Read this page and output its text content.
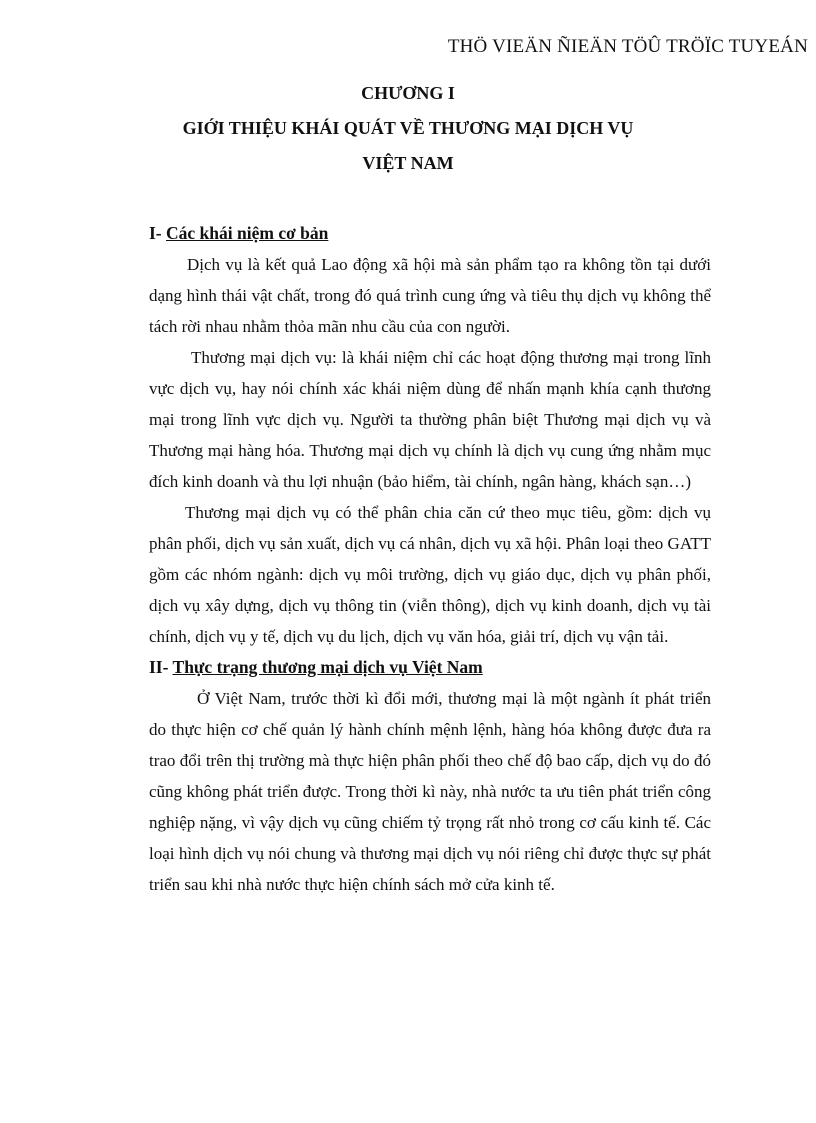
THÖ VIEÄN ÑIEÄN TÖÛ TRÖÏC TUYEÁN

CHƯƠNG I

GIỚI THIỆU KHÁI QUÁT VỀ THƯƠNG MẠI DỊCH VỤ

VIỆT NAM

I- Các khái niệm cơ bản

Dịch vụ là kết quả Lao động xã hội mà sản phẩm tạo ra không tồn tại dưới dạng hình thái vật chất, trong đó quá trình cung ứng và tiêu thụ dịch vụ không thể tách rời nhau nhằm thỏa mãn nhu cầu của con người.

Thương mại dịch vụ: là khái niệm chỉ các hoạt động thương mại trong lĩnh vực dịch vụ, hay nói chính xác khái niệm dùng để nhấn mạnh khía cạnh thương mại trong lĩnh vực dịch vụ. Người ta thường phân biệt Thương mại dịch vụ và Thương mại hàng hóa. Thương mại dịch vụ chính là dịch vụ cung ứng nhằm mục đích kinh doanh và thu lợi nhuận (bảo hiểm, tài chính, ngân hàng, khách sạn…)

Thương mại dịch vụ có thể phân chia căn cứ theo mục tiêu, gồm: dịch vụ phân phối, dịch vụ sản xuất, dịch vụ cá nhân, dịch vụ xã hội. Phân loại theo GATT gồm các nhóm ngành: dịch vụ môi trường, dịch vụ giáo dục, dịch vụ phân phối, dịch vụ xây dựng, dịch vụ thông tin (viễn thông), dịch vụ kinh doanh, dịch vụ tài chính, dịch vụ y tế, dịch vụ du lịch, dịch vụ văn hóa, giải trí, dịch vụ vận tải.

II- Thực trạng thương mại dịch vụ Việt Nam

Ở Việt Nam, trước thời kì đổi mới, thương mại là một ngành ít phát triển do thực hiện cơ chế quản lý hành chính mệnh lệnh, hàng hóa không được đưa ra trao đổi trên thị trường mà thực hiện phân phối theo chế độ bao cấp, dịch vụ do đó cũng không phát triển được. Trong thời kì này, nhà nước ta ưu tiên phát triển công nghiệp nặng, vì vậy dịch vụ cũng chiếm tỷ trọng rất nhỏ trong cơ cấu kinh tế. Các loại hình dịch vụ nói chung và thương mại dịch vụ nói riêng chỉ được thực sự phát triển sau khi nhà nước thực hiện chính sách mở cửa kinh tế.
